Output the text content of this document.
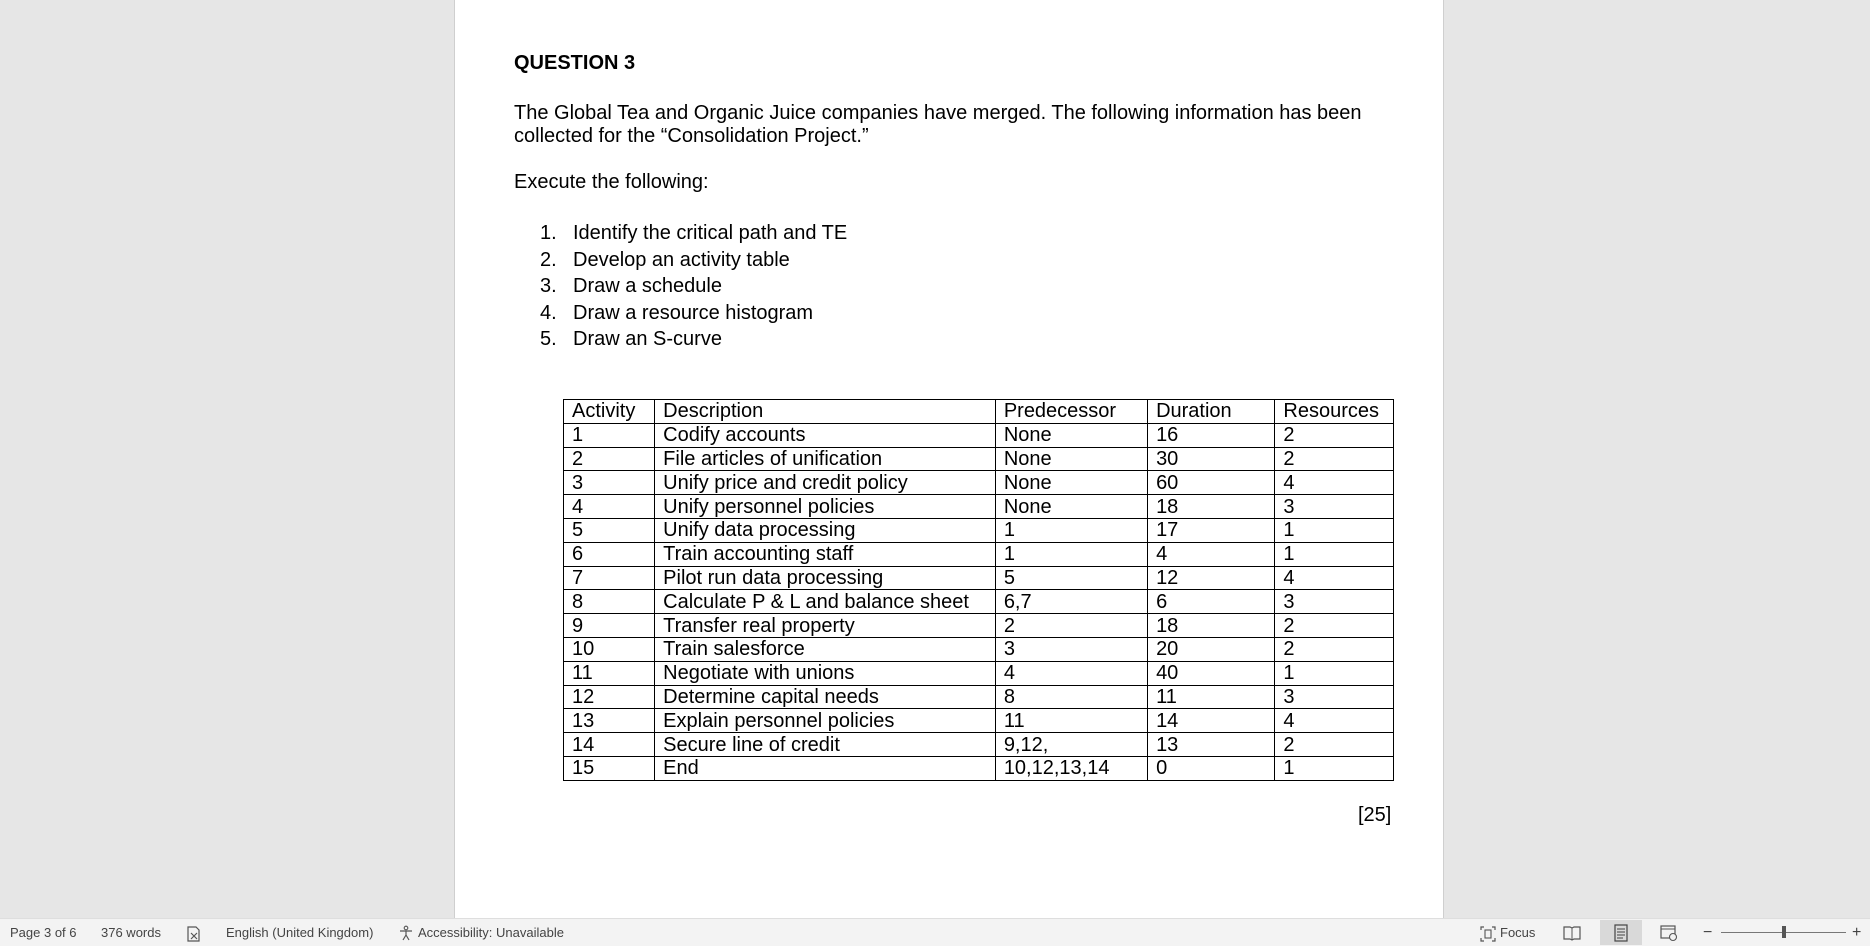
QUESTION 3
The Global Tea and Organic Juice companies have merged. The following information has been collected for the “Consolidation Project.”
Execute the following:
1. Identify the critical path and TE
2. Develop an activity table
3. Draw a schedule
4. Draw a resource histogram
5. Draw an S-curve
Activity	Description	Predecessor	Duration	Resources
1	Codify accounts	None	16	2
2	File articles of unification	None	30	2
3	Unify price and credit policy	None	60	4
4	Unify personnel policies	None	18	3
5	Unify data processing	1	17	1
6	Train accounting staff	1	4	1
7	Pilot run data processing	5	12	4
8	Calculate P & L and balance sheet	6,7	6	3
9	Transfer real property	2	18	2
10	Train salesforce	3	20	2
11	Negotiate with unions	4	40	1
12	Determine capital needs	8	11	3
13	Explain personnel policies	11	14	4
14	Secure line of credit	9,12,	13	2
15	End	10,12,13,14	0	1
[25]
Page 3 of 6 376 words	English (United Kingdom)	Accessibility: Unavailable	Focus	−	+
